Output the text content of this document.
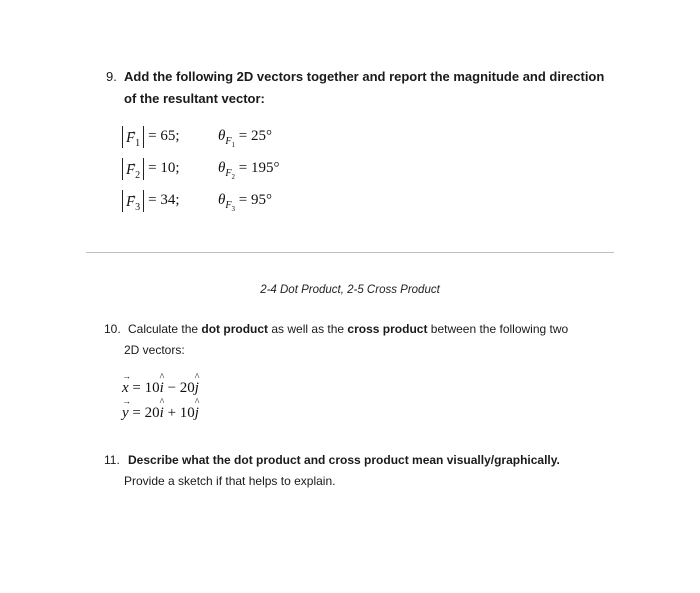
9. Add the following 2D vectors together and report the magnitude and direction
of the resultant vector:
→ $F_1 = 65$;	$\theta_{F_1} = 25^\circ$
→ $F_2 = 10$;	$\theta_{F_2} = 195^\circ$
→ $F_3 = 34$;	$\theta_{F_3} = 95^\circ$
2-4 Dot Product, 2-5 Cross Product
10. Calculate the dot product as well as the cross product between the following two
2D vectors:
→ x = 10^ i − 20^ j
→ y = 20^ i + 10^ j
11. Describe what the dot product and cross product mean visually/graphically.
Provide a sketch if that helps to explain.
